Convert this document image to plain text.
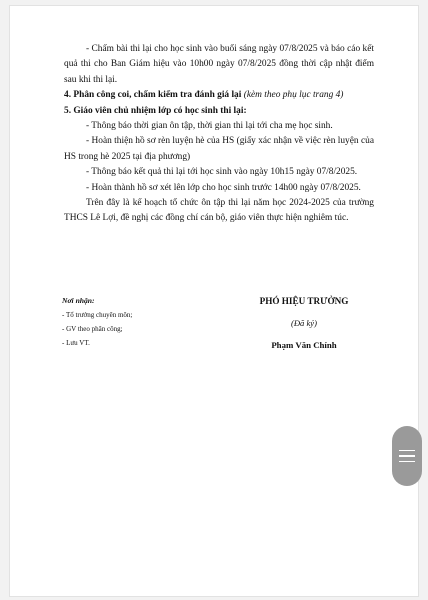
- Chấm bài thi lại cho học sinh vào buổi sáng ngày 07/8/2025 và báo cáo kết quả thi cho Ban Giám hiệu vào 10h00 ngày 07/8/2025 đồng thời cập nhật điểm sau khi thi lại.

4. Phân công coi, chấm kiểm tra đánh giá lại (kèm theo phụ lục trang 4)

5. Giáo viên chủ nhiệm lớp có học sinh thi lại:

- Thông báo thời gian ôn tập, thời gian thi lại tới cha mẹ học sinh.

- Hoàn thiện hồ sơ rèn luyện hè của HS (giấy xác nhận về việc rèn luyện của HS trong hè 2025 tại địa phương)

- Thông báo kết quả thi lại tới học sinh vào ngày 10h15 ngày 07/8/2025.

- Hoàn thành hồ sơ xét lên lớp cho học sinh trước 14h00 ngày 07/8/2025.

Trên đây là kế hoạch tổ chức ôn tập thi lại năm học 2024-2025 của trường THCS Lê Lợi, đề nghị các đồng chí cán bộ, giáo viên thực hiện nghiêm túc.

Nơi nhận:
- Tổ trưởng chuyên môn;
- GV theo phân công;
- Lưu VT.
PHÓ HIỆU TRƯỞNG
(Đã ký)
Phạm Văn Chính
